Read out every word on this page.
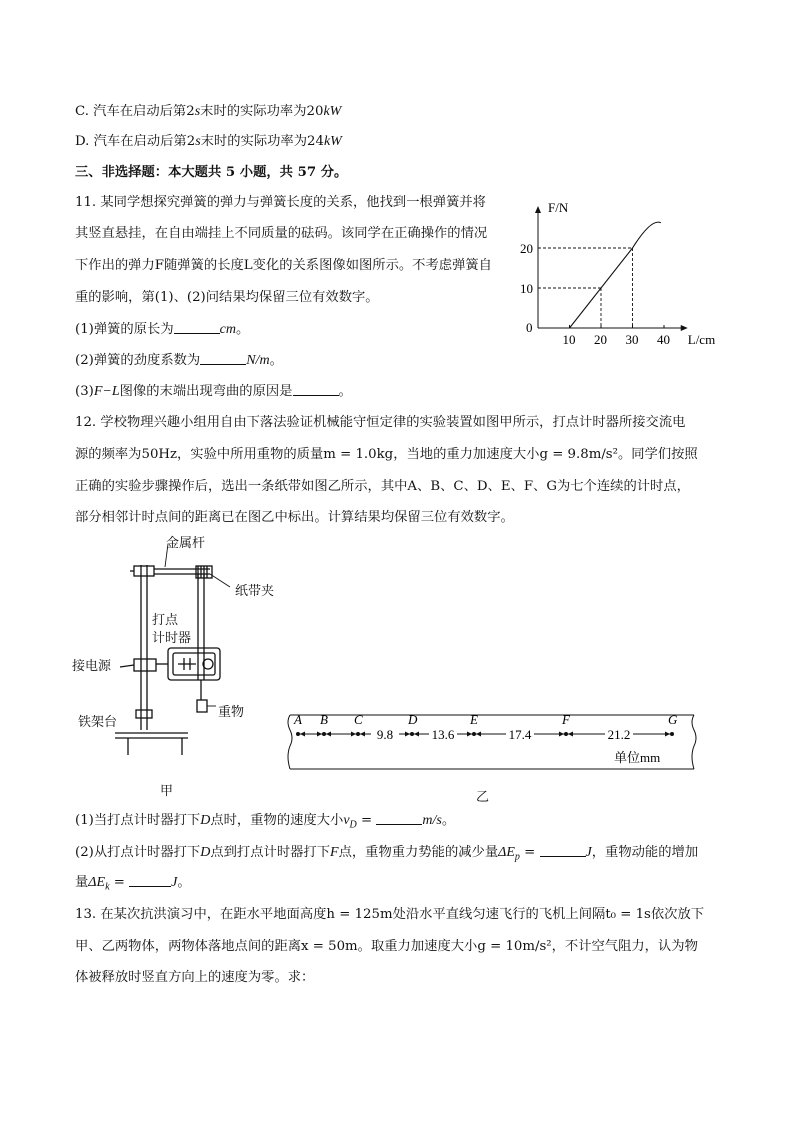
C. 汽车在启动后第2s末时的实际功率为20kW
D. 汽车在启动后第2s末时的实际功率为24kW
三、非选择题：本大题共 5 小题，共 57 分。
11. 某同学想探究弹簧的弹力与弹簧长度的关系，他找到一根弹簧并将
其竖直悬挂，在自由端挂上不同质量的砝码。该同学在正确操作的情况
下作出的弹力F随弹簧的长度L变化的关系图像如图所示。不考虑弹簧自
重的影响，第(1)、(2)问结果均保留三位有效数字。
(1)弹簧的原长为	cm。
(2)弹簧的劲度系数为	N/m。
(3)F−L图像的末端出现弯曲的原因是	。
F/N
L/cm
0
10 20 30 40
10
20
12. 学校物理兴趣小组用自由下落法验证机械能守恒定律的实验装置如图甲所示，打点计时器所接交流电
源的频率为50Hz，实验中所用重物的质量m = 1.0kg，当地的重力加速度大小g = 9.8m/s²。同学们按照
正确的实验步骤操作后，选出一条纸带如图乙所示，其中A、B、C、D、E、F、G为七个连续的计时点，
部分相邻计时点间的距离已在图乙中标出。计算结果均保留三位有效数字。
金属杆
纸带夹
打点
计时器
接电源
重物
铁架台
甲
A B C	D	E	F	G
9.8	13.6	17.4	21.2
单位mm
乙
(1)当打点计时器打下D点时，重物的速度大小$v_D$ =	m/s。
(2)从打点计时器打下D点到打点计时器打下F点，重物重力势能的减少量$\Delta E_p$ =	J，重物动能的增加
量$\Delta E_k$ =	J。
13. 在某次抗洪演习中，在距水平地面高度h = 125m处沿水平直线匀速飞行的飞机上间隔t₀ = 1s依次放下
甲、乙两物体，两物体落地点间的距离x = 50m。取重力加速度大小g = 10m/s²，不计空气阻力，认为物
体被释放时竖直方向上的速度为零。求：
